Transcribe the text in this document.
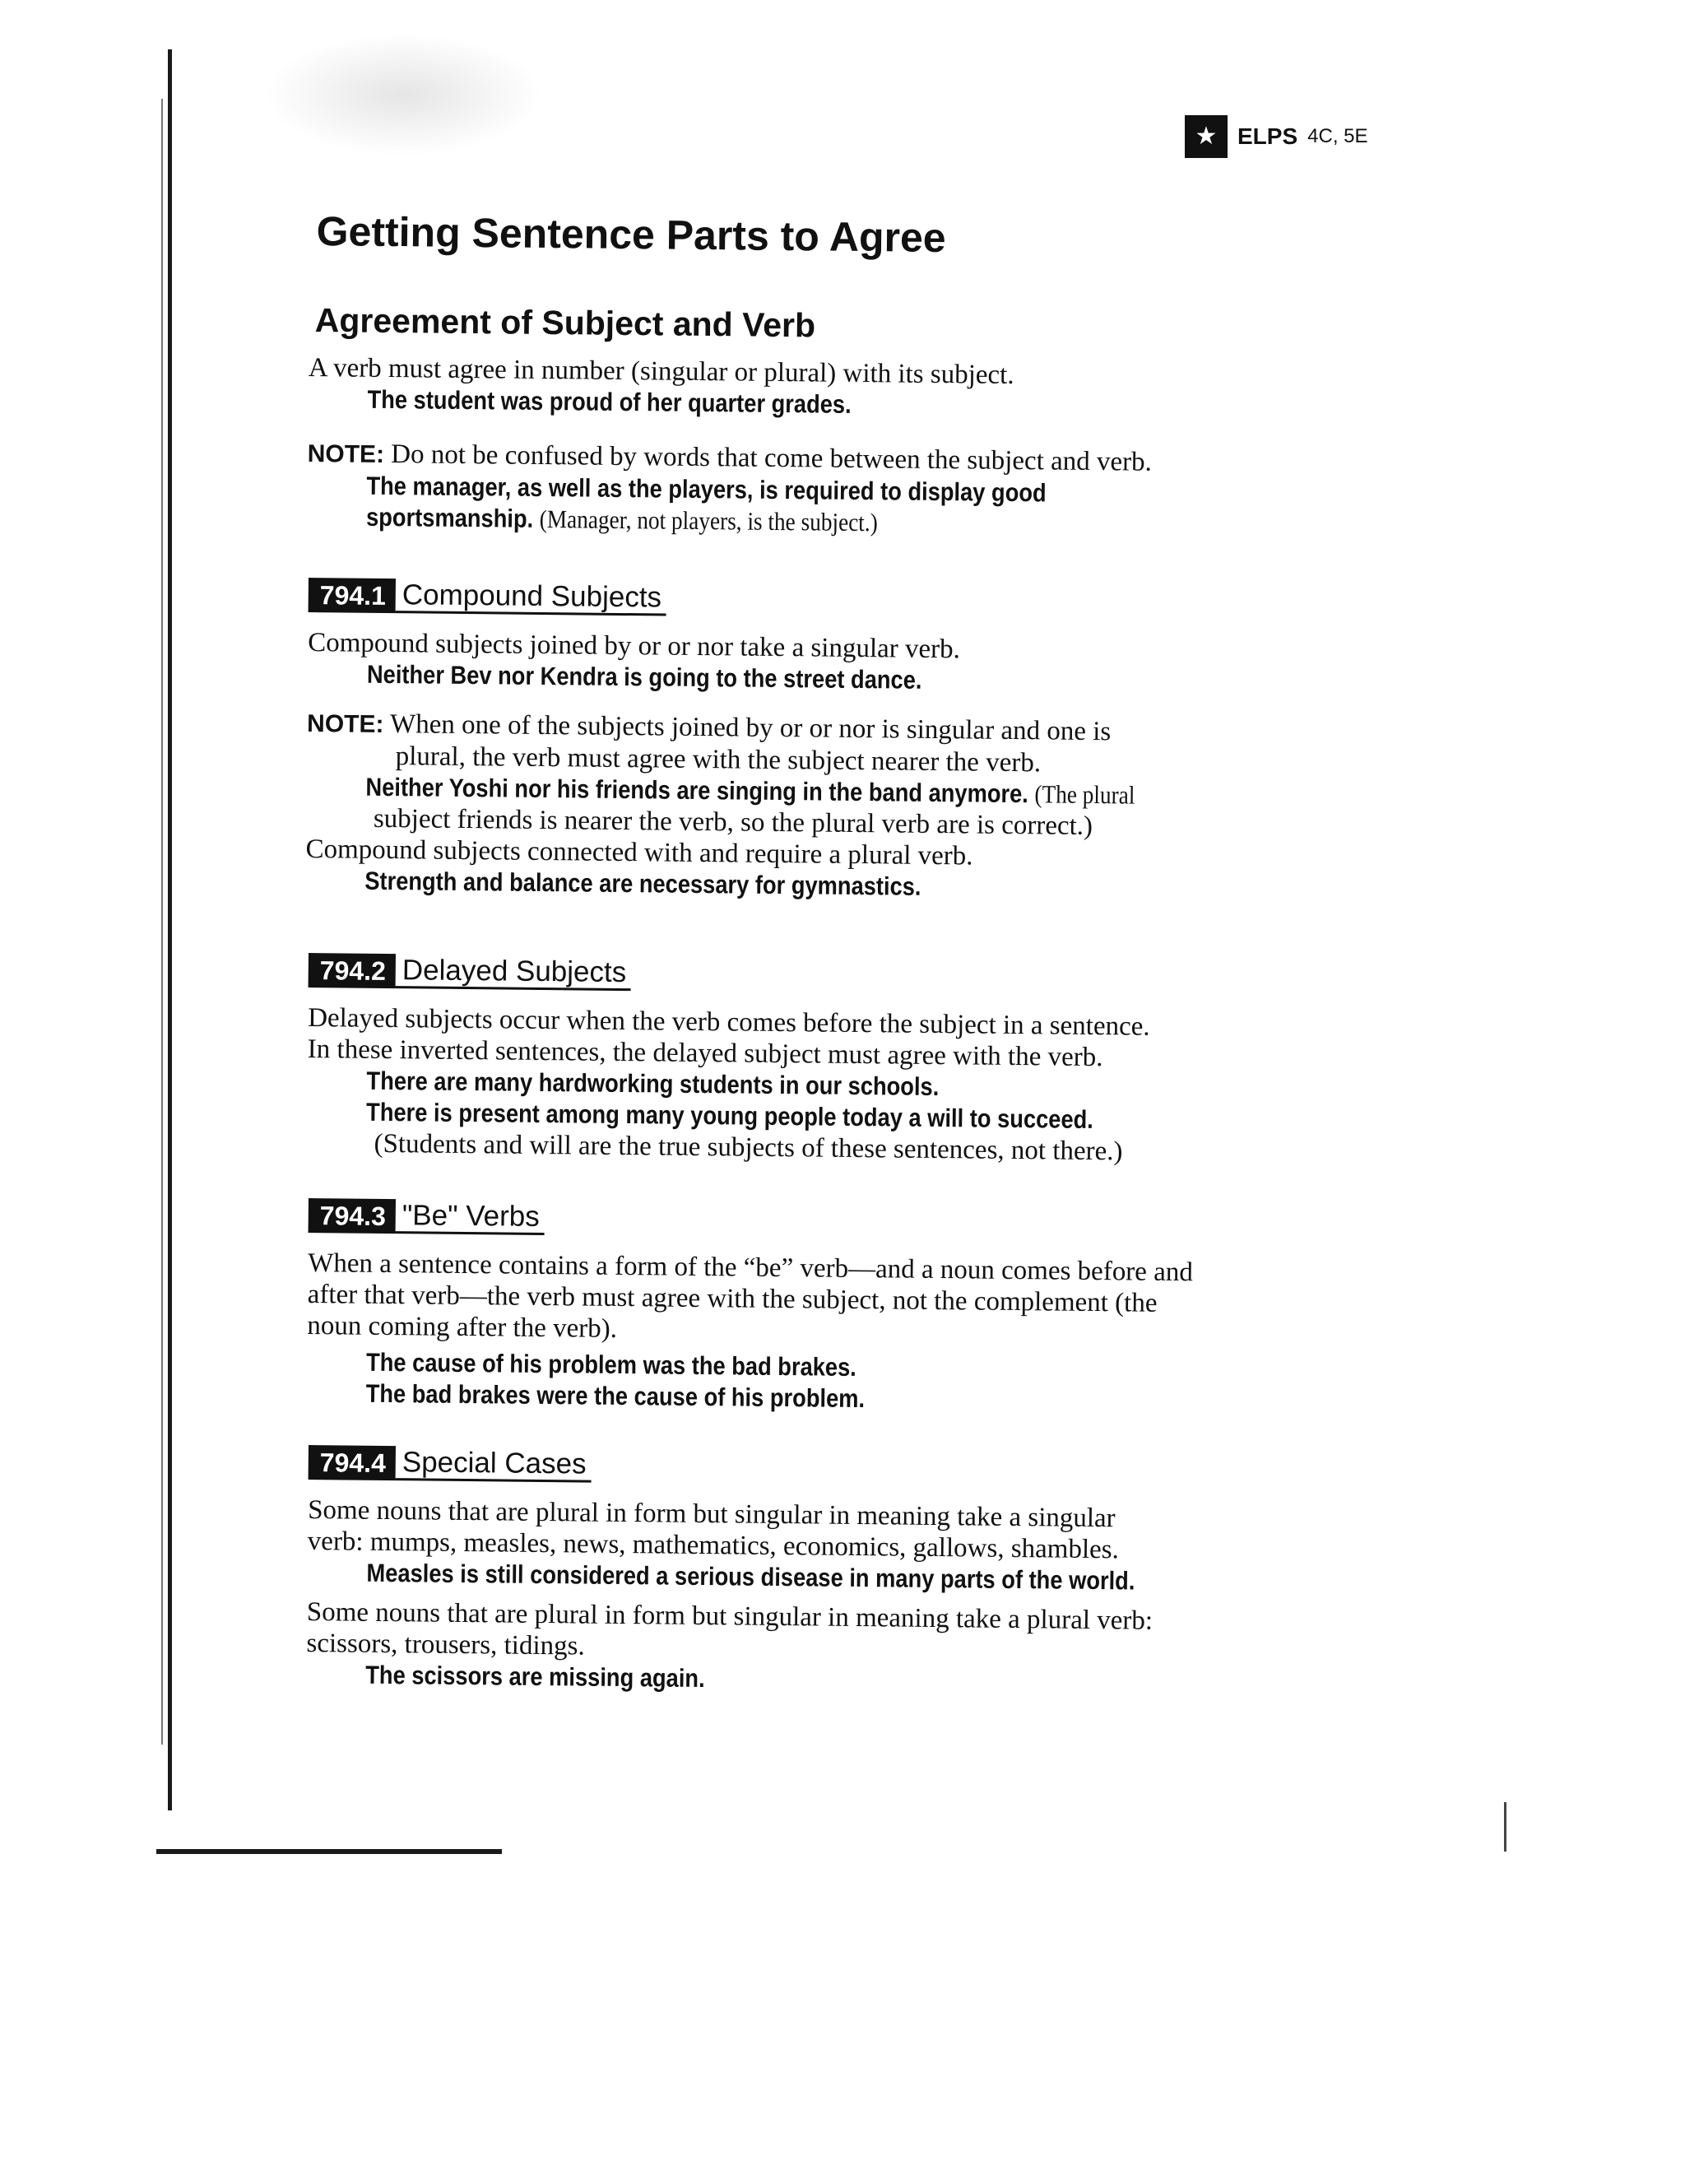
★ ELPS 4C, 5E
Getting Sentence Parts to Agree
Agreement of Subject and Verb

A verb must agree in number (singular or plural) with its subject.

The student was proud of her quarter grades.

NOTE: Do not be confused by words that come between the subject and verb.

The manager, as well as the players, is required to display good

sportsmanship. (Manager, not players, is the subject.)

794.1 Compound Subjects

Compound subjects joined by or or nor take a singular verb.

Neither Bev nor Kendra is going to the street dance.

NOTE: When one of the subjects joined by or or nor is singular and one is

plural, the verb must agree with the subject nearer the verb.

Neither Yoshi nor his friends are singing in the band anymore. (The plural

subject friends is nearer the verb, so the plural verb are is correct.)

Compound subjects connected with and require a plural verb.

Strength and balance are necessary for gymnastics.

794.2 Delayed Subjects

Delayed subjects occur when the verb comes before the subject in a sentence.

In these inverted sentences, the delayed subject must agree with the verb.

There are many hardworking students in our schools.

There is present among many young people today a will to succeed.

(Students and will are the true subjects of these sentences, not there.)

794.3 "Be" Verbs

When a sentence contains a form of the “be” verb—and a noun comes before and

after that verb—the verb must agree with the subject, not the complement (the

noun coming after the verb).

The cause of his problem was the bad brakes.

The bad brakes were the cause of his problem.

794.4 Special Cases

Some nouns that are plural in form but singular in meaning take a singular

verb: mumps, measles, news, mathematics, economics, gallows, shambles.

Measles is still considered a serious disease in many parts of the world.

Some nouns that are plural in form but singular in meaning take a plural verb:

scissors, trousers, tidings.

The scissors are missing again.
